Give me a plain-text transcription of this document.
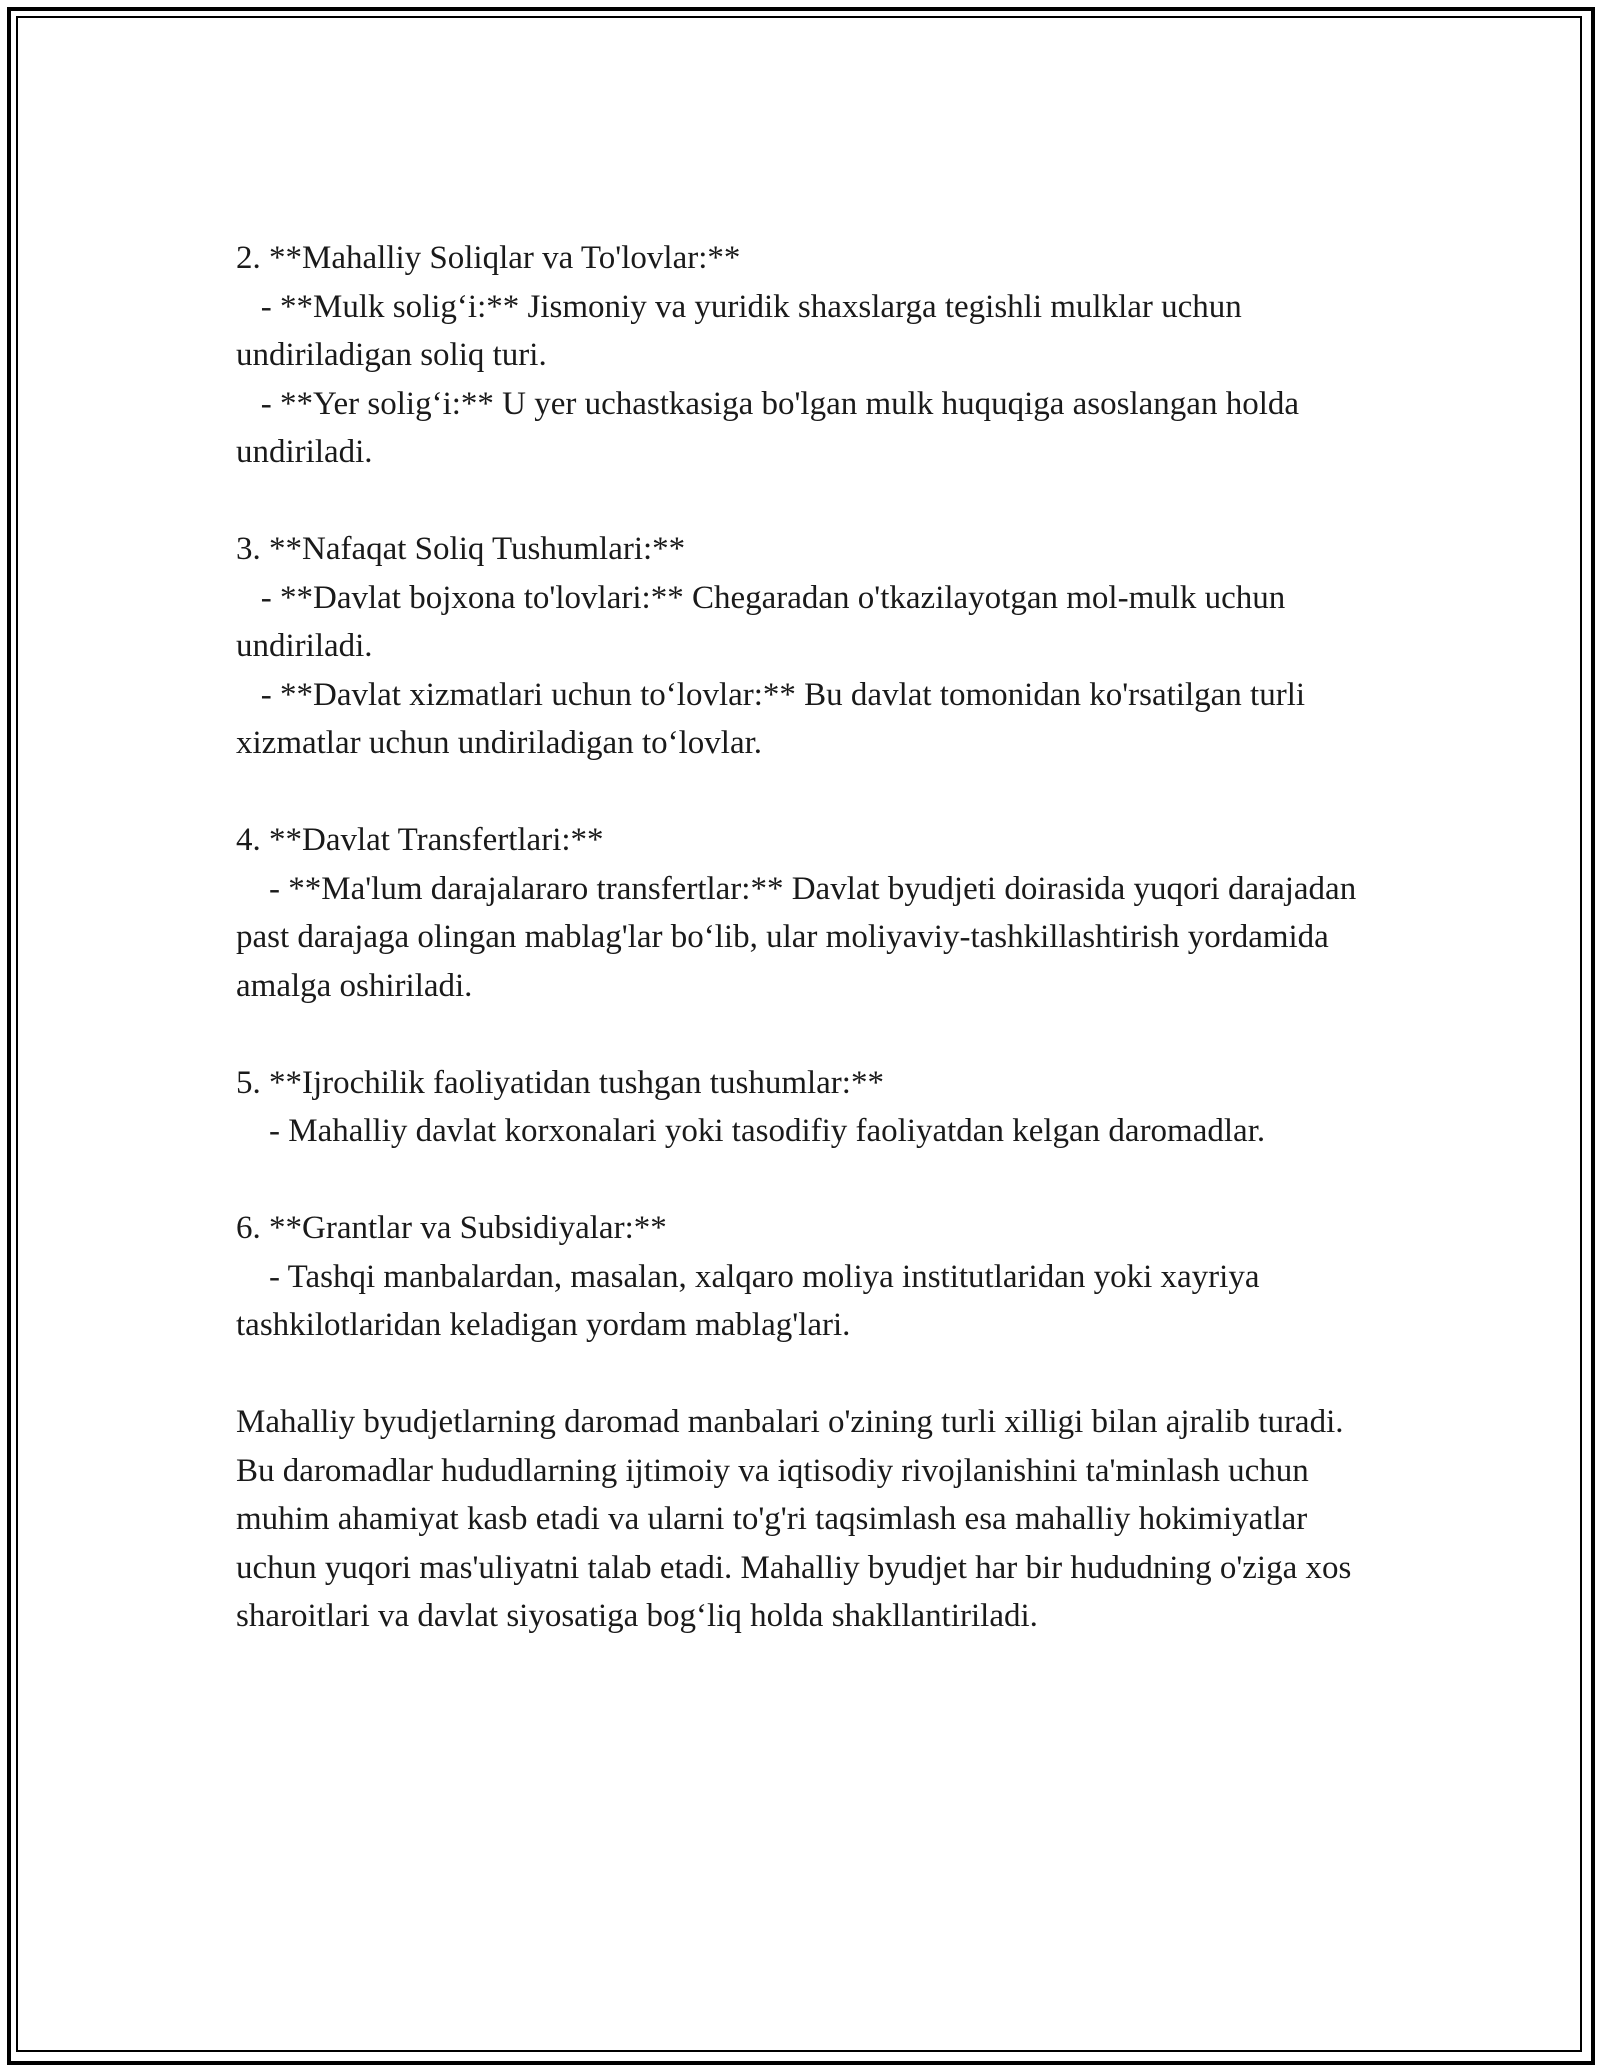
2. **Mahalliy Soliqlar va To'lovlar:**
- **Mulk solig‘i:** Jismoniy va yuridik shaxslarga tegishli mulklar uchun undiriladigan soliq turi.
- **Yer solig‘i:** U yer uchastkasiga bo'lgan mulk huquqiga asoslangan holda undiriladi.
3. **Nafaqat Soliq Tushumlari:**
- **Davlat bojxona to'lovlari:** Chegaradan o'tkazilayotgan mol-mulk uchun undiriladi.
- **Davlat xizmatlari uchun to‘lovlar:** Bu davlat tomonidan ko'rsatilgan turli xizmatlar uchun undiriladigan to‘lovlar.
4. **Davlat Transfertlari:**
- **Ma'lum darajalararo transfertlar:** Davlat byudjeti doirasida yuqori darajadan past darajaga olingan mablag'lar bo‘lib, ular moliyaviy-tashkillashtirish yordamida amalga oshiriladi.
5. **Ijrochilik faoliyatidan tushgan tushumlar:**
- Mahalliy davlat korxonalari yoki tasodifiy faoliyatdan kelgan daromadlar.
6. **Grantlar va Subsidiyalar:**
- Tashqi manbalardan, masalan, xalqaro moliya institutlaridan yoki xayriya tashkilotlaridan keladigan yordam mablag'lari.
Mahalliy byudjetlarning daromad manbalari o'zining turli xilligi bilan ajralib turadi. Bu daromadlar hududlarning ijtimoiy va iqtisodiy rivojlanishini ta'minlash uchun muhim ahamiyat kasb etadi va ularni to'g'ri taqsimlash esa mahalliy hokimiyatlar uchun yuqori mas'uliyatni talab etadi. Mahalliy byudjet har bir hududning o'ziga xos sharoitlari va davlat siyosatiga bog‘liq holda shakllantiriladi.
